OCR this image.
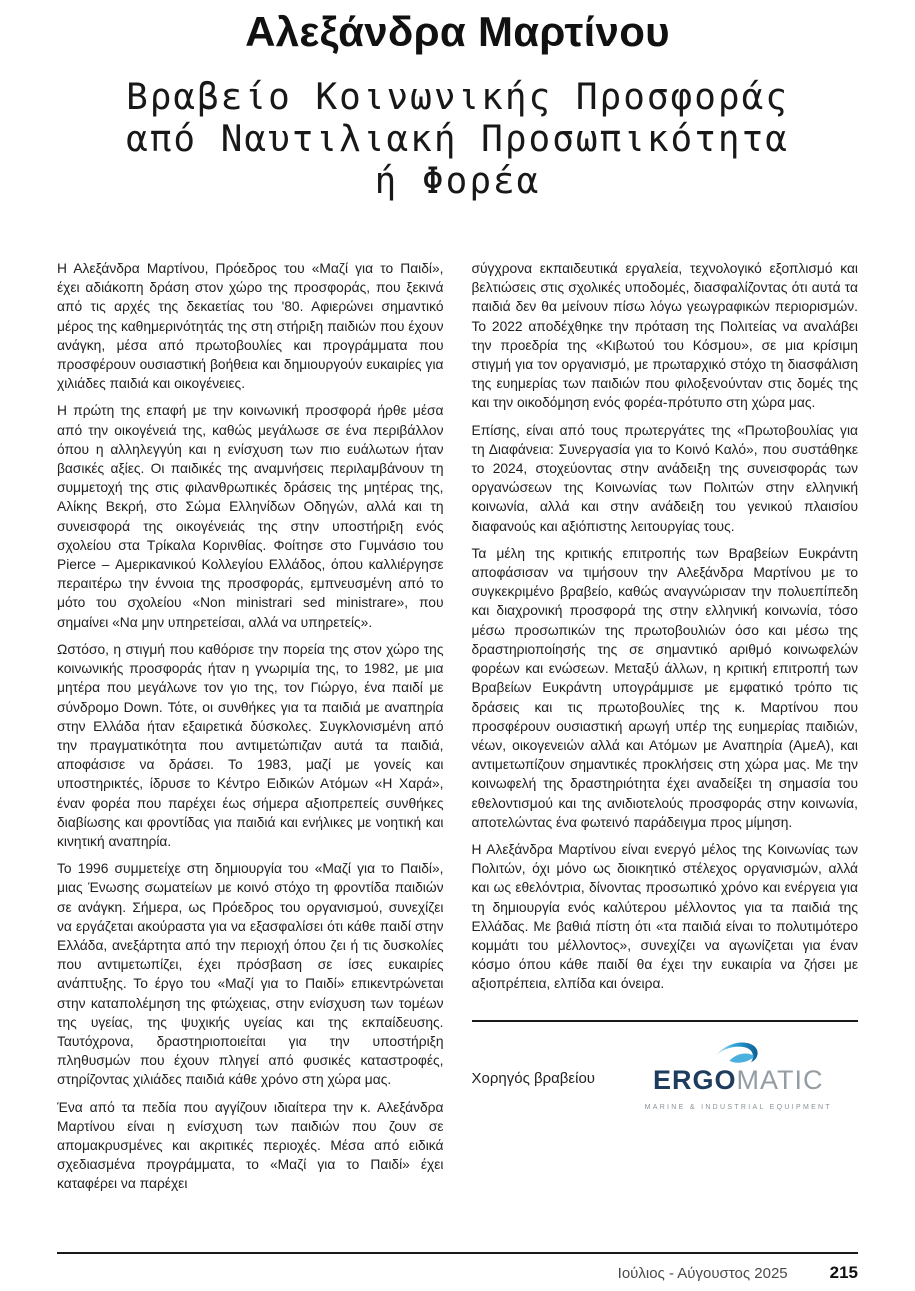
Αλεξάνδρα Μαρτίνου
Βραβείο Κοινωνικής Προσφοράς
από Ναυτιλιακή Προσωπικότητα
ή Φορέα

Η Αλεξάνδρα Μαρτίνου, Πρόεδρος του «Μαζί για το Παιδί», έχει αδιάκοπη δράση στον χώρο της προσφοράς, που ξεκινά από τις αρχές της δεκαετίας του '80. Αφιερώνει σημαντικό μέρος της καθημερινότητάς της στη στήριξη παιδιών που έχουν ανάγκη, μέσα από πρωτοβουλίες και προγράμματα που προσφέρουν ουσιαστική βοήθεια και δημιουργούν ευκαιρίες για χιλιάδες παιδιά και οικογένειες.

Η πρώτη της επαφή με την κοινωνική προσφορά ήρθε μέσα από την οικογένειά της, καθώς μεγάλωσε σε ένα περιβάλλον όπου η αλληλεγγύη και η ενίσχυση των πιο ευάλωτων ήταν βασικές αξίες. Οι παιδικές της αναμνήσεις περιλαμβάνουν τη συμμετοχή της στις φιλανθρωπικές δράσεις της μητέρας της, Αλίκης Βεκρή, στο Σώμα Ελληνίδων Οδηγών, αλλά και τη συνεισφορά της οικογένειάς της στην υποστήριξη ενός σχολείου στα Τρίκαλα Κορινθίας. Φοίτησε στο Γυμνάσιο του Pierce – Αμερικανικού Κολλεγίου Ελλάδος, όπου καλλιέργησε περαιτέρω την έννοια της προσφοράς, εμπνευσμένη από το μότο του σχολείου «Non ministrari sed ministrare», που σημαίνει «Να μην υπηρετείσαι, αλλά να υπηρετείς».

Ωστόσο, η στιγμή που καθόρισε την πορεία της στον χώρο της κοινωνικής προσφοράς ήταν η γνωριμία της, το 1982, με μια μητέρα που μεγάλωνε τον γιο της, τον Γιώργο, ένα παιδί με σύνδρομο Down. Τότε, οι συνθήκες για τα παιδιά με αναπηρία στην Ελλάδα ήταν εξαιρετικά δύσκολες. Συγκλονισμένη από την πραγματικότητα που αντιμετώπιζαν αυτά τα παιδιά, αποφάσισε να δράσει. Το 1983, μαζί με γονείς και υποστηρικτές, ίδρυσε το Κέντρο Ειδικών Ατόμων «Η Χαρά», έναν φορέα που παρέχει έως σήμερα αξιοπρεπείς συνθήκες διαβίωσης και φροντίδας για παιδιά και ενήλικες με νοητική και κινητική αναπηρία.

Το 1996 συμμετείχε στη δημιουργία του «Μαζί για το Παιδί», μιας Ένωσης σωματείων με κοινό στόχο τη φροντίδα παιδιών σε ανάγκη. Σήμερα, ως Πρόεδρος του οργανισμού, συνεχίζει να εργάζεται ακούραστα για να εξασφαλίσει ότι κάθε παιδί στην Ελλάδα, ανεξάρτητα από την περιοχή όπου ζει ή τις δυσκολίες που αντιμετωπίζει, έχει πρόσβαση σε ίσες ευκαιρίες ανάπτυξης. Το έργο του «Μαζί για το Παιδί» επικεντρώνεται στην καταπολέμηση της φτώχειας, στην ενίσχυση των τομέων της υγείας, της ψυχικής υγείας και της εκπαίδευσης. Ταυτόχρονα, δραστηριοποιείται για την υποστήριξη πληθυσμών που έχουν πληγεί από φυσικές καταστροφές, στηρίζοντας χιλιάδες παιδιά κάθε χρόνο στη χώρα μας.

Ένα από τα πεδία που αγγίζουν ιδιαίτερα την κ. Αλεξάνδρα Μαρτίνου είναι η ενίσχυση των παιδιών που ζουν σε απομακρυσμένες και ακριτικές περιοχές. Μέσα από ειδικά σχεδιασμένα προγράμματα, το «Μαζί για το Παιδί» έχει καταφέρει να παρέχει

σύγχρονα εκπαιδευτικά εργαλεία, τεχνολογικό εξοπλισμό και βελτιώσεις στις σχολικές υποδομές, διασφαλίζοντας ότι αυτά τα παιδιά δεν θα μείνουν πίσω λόγω γεωγραφικών περιορισμών. Το 2022 αποδέχθηκε την πρόταση της Πολιτείας να αναλάβει την προεδρία της «Κιβωτού του Κόσμου», σε μια κρίσιμη στιγμή για τον οργανισμό, με πρωταρχικό στόχο τη διασφάλιση της ευημερίας των παιδιών που φιλοξενούνταν στις δομές της και την οικοδόμηση ενός φορέα-πρότυπο στη χώρα μας.

Επίσης, είναι από τους πρωτεργάτες της «Πρωτοβουλίας για τη Διαφάνεια: Συνεργασία για το Κοινό Καλό», που συστάθηκε το 2024, στοχεύοντας στην ανάδειξη της συνεισφοράς των οργανώσεων της Κοινωνίας των Πολιτών στην ελληνική κοινωνία, αλλά και στην ανάδειξη του γενικού πλαισίου διαφανούς και αξιόπιστης λειτουργίας τους.

Τα μέλη της κριτικής επιτροπής των Βραβείων Ευκράντη αποφάσισαν να τιμήσουν την Αλεξάνδρα Μαρτίνου με το συγκεκριμένο βραβείο, καθώς αναγνώρισαν την πολυεπίπεδη και διαχρονική προσφορά της στην ελληνική κοινωνία, τόσο μέσω προσωπικών της πρωτοβουλιών όσο και μέσω της δραστηριοποίησής της σε σημαντικό αριθμό κοινωφελών φορέων και ενώσεων. Μεταξύ άλλων, η κριτική επιτροπή των Βραβείων Ευκράντη υπογράμμισε με εμφατικό τρόπο τις δράσεις και τις πρωτοβουλίες της κ. Μαρτίνου που προσφέρουν ουσιαστική αρωγή υπέρ της ευημερίας παιδιών, νέων, οικογενειών αλλά και Ατόμων με Αναπηρία (ΑμεΑ), και αντιμετωπίζουν σημαντικές προκλήσεις στη χώρα μας. Με την κοινωφελή της δραστηριότητα έχει αναδείξει τη σημασία του εθελοντισμού και της ανιδιοτελούς προσφοράς στην κοινωνία, αποτελώντας ένα φωτεινό παράδειγμα προς μίμηση.

Η Αλεξάνδρα Μαρτίνου είναι ενεργό μέλος της Κοινωνίας των Πολιτών, όχι μόνο ως διοικητικό στέλεχος οργανισμών, αλλά και ως εθελόντρια, δίνοντας προσωπικό χρόνο και ενέργεια για τη δημιουργία ενός καλύτερου μέλλοντος για τα παιδιά της Ελλάδας. Με βαθιά πίστη ότι «τα παιδιά είναι το πολυτιμότερο κομμάτι του μέλλοντος», συνεχίζει να αγωνίζεται για έναν κόσμο όπου κάθε παιδί θα έχει την ευκαιρία να ζήσει με αξιοπρέπεια, ελπίδα και όνειρα.

Χορηγός βραβείου ERGOMATIC
MARINE & INDUSTRIAL EQUIPMENT
Ιούλιος - Αύγουστος 2025 215
